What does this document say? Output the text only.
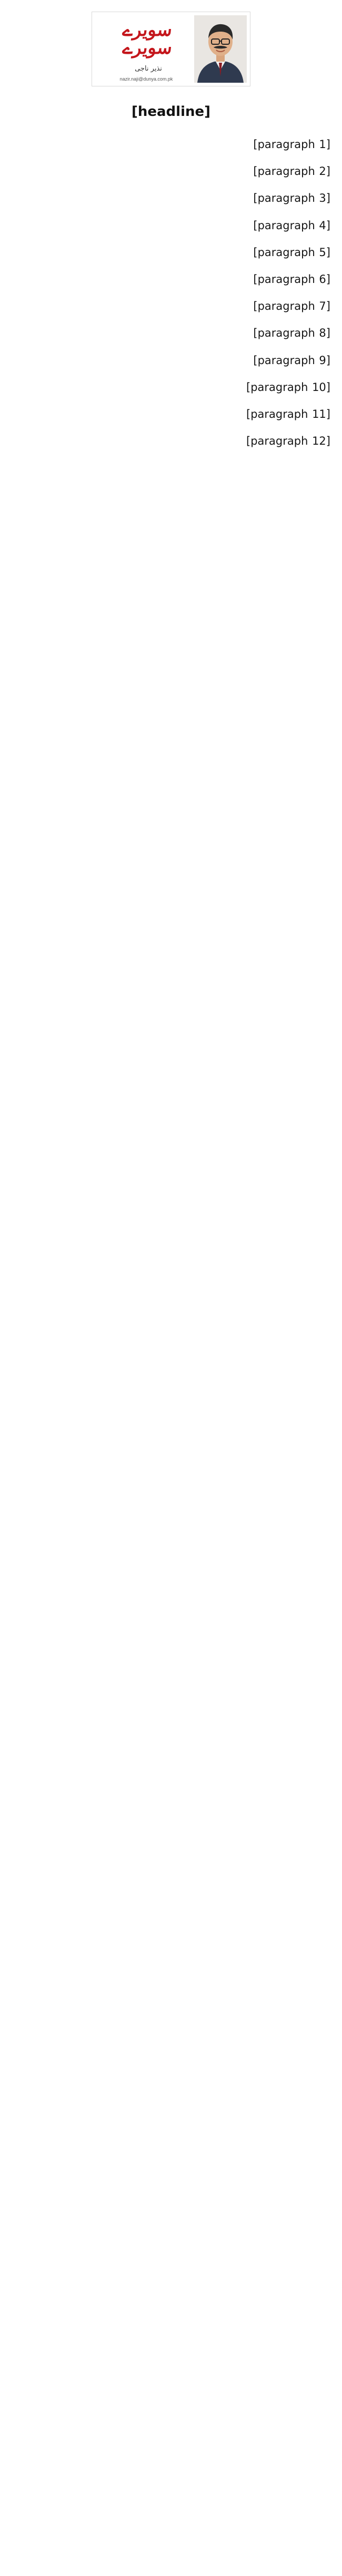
سویرے
سویرے
نذیر ناجی
nazir.naji@dunya.com.pk
[headline]

[paragraph 1]

[paragraph 2]

[paragraph 3]

[paragraph 4]

[paragraph 5]

[paragraph 6]

[paragraph 7]

[paragraph 8]

[paragraph 9]

[paragraph 10]

[paragraph 11]

[paragraph 12]
